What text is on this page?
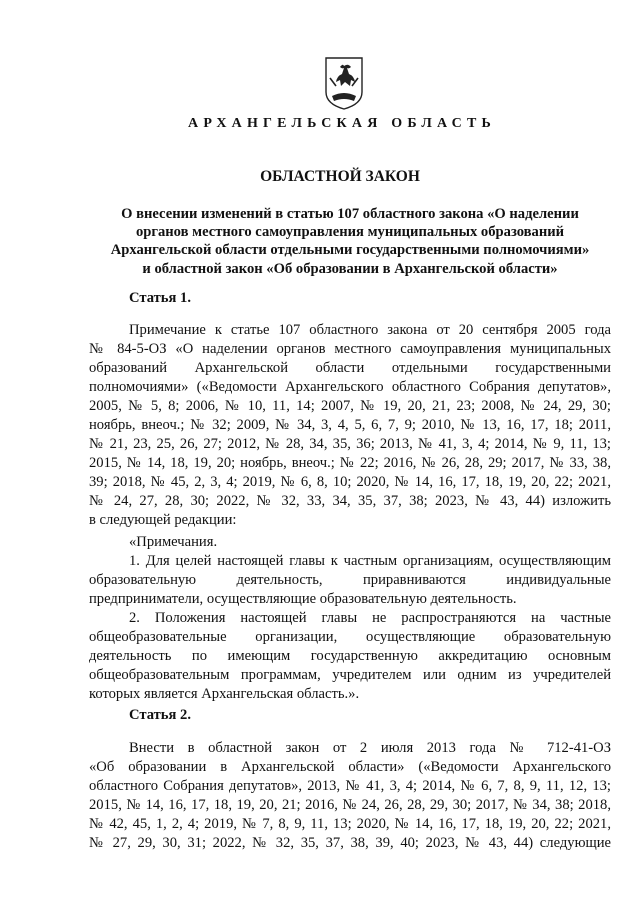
АРХАНГЕЛЬСКАЯ ОБЛАСТЬ
ОБЛАСТНОЙ ЗАКОН
О внесении изменений в статью 107 областного закона «О наделении
органов местного самоуправления муниципальных образований
Архангельской области отдельными государственными полномочиями»
и областной закон «Об образовании в Архангельской области»
Статья 1.
Примечание к статье 107 областного закона от 20 сентября 2005 года
№ 84-5-ОЗ «О наделении органов местного самоуправления муниципальных
образований Архангельской области отдельными государственными
полномочиями» («Ведомости Архангельского областного Собрания депутатов»,
2005, № 5, 8; 2006, № 10, 11, 14; 2007, № 19, 20, 21, 23; 2008, № 24, 29, 30;
ноябрь, внеоч.; № 32; 2009, № 34, 3, 4, 5, 6, 7, 9; 2010, № 13, 16, 17, 18; 2011,
№ 21, 23, 25, 26, 27; 2012, № 28, 34, 35, 36; 2013, № 41, 3, 4; 2014, № 9, 11, 13;
2015, № 14, 18, 19, 20; ноябрь, внеоч.; № 22; 2016, № 26, 28, 29; 2017, № 33, 38,
39; 2018, № 45, 2, 3, 4; 2019, № 6, 8, 10; 2020, № 14, 16, 17, 18, 19, 20, 22; 2021,
№ 24, 27, 28, 30; 2022, № 32, 33, 34, 35, 37, 38; 2023, № 43, 44) изложить
в следующей редакции:
«Примечания.
1. Для целей настоящей главы к частным организациям, осуществляющим
образовательную деятельность, приравниваются индивидуальные
предприниматели, осуществляющие образовательную деятельность.
2. Положения настоящей главы не распространяются на частные
общеобразовательные организации, осуществляющие образовательную
деятельность по имеющим государственную аккредитацию основным
общеобразовательным программам, учредителем или одним из учредителей
которых является Архангельская область.».
Статья 2.
Внести в областной закон от 2 июля 2013 года № 712-41-ОЗ
«Об образовании в Архангельской области» («Ведомости Архангельского
областного Собрания депутатов», 2013, № 41, 3, 4; 2014, № 6, 7, 8, 9, 11, 12, 13;
2015, № 14, 16, 17, 18, 19, 20, 21; 2016, № 24, 26, 28, 29, 30; 2017, № 34, 38; 2018,
№ 42, 45, 1, 2, 4; 2019, № 7, 8, 9, 11, 13; 2020, № 14, 16, 17, 18, 19, 20, 22; 2021,
№ 27, 29, 30, 31; 2022, № 32, 35, 37, 38, 39, 40; 2023, № 43, 44) следующие
